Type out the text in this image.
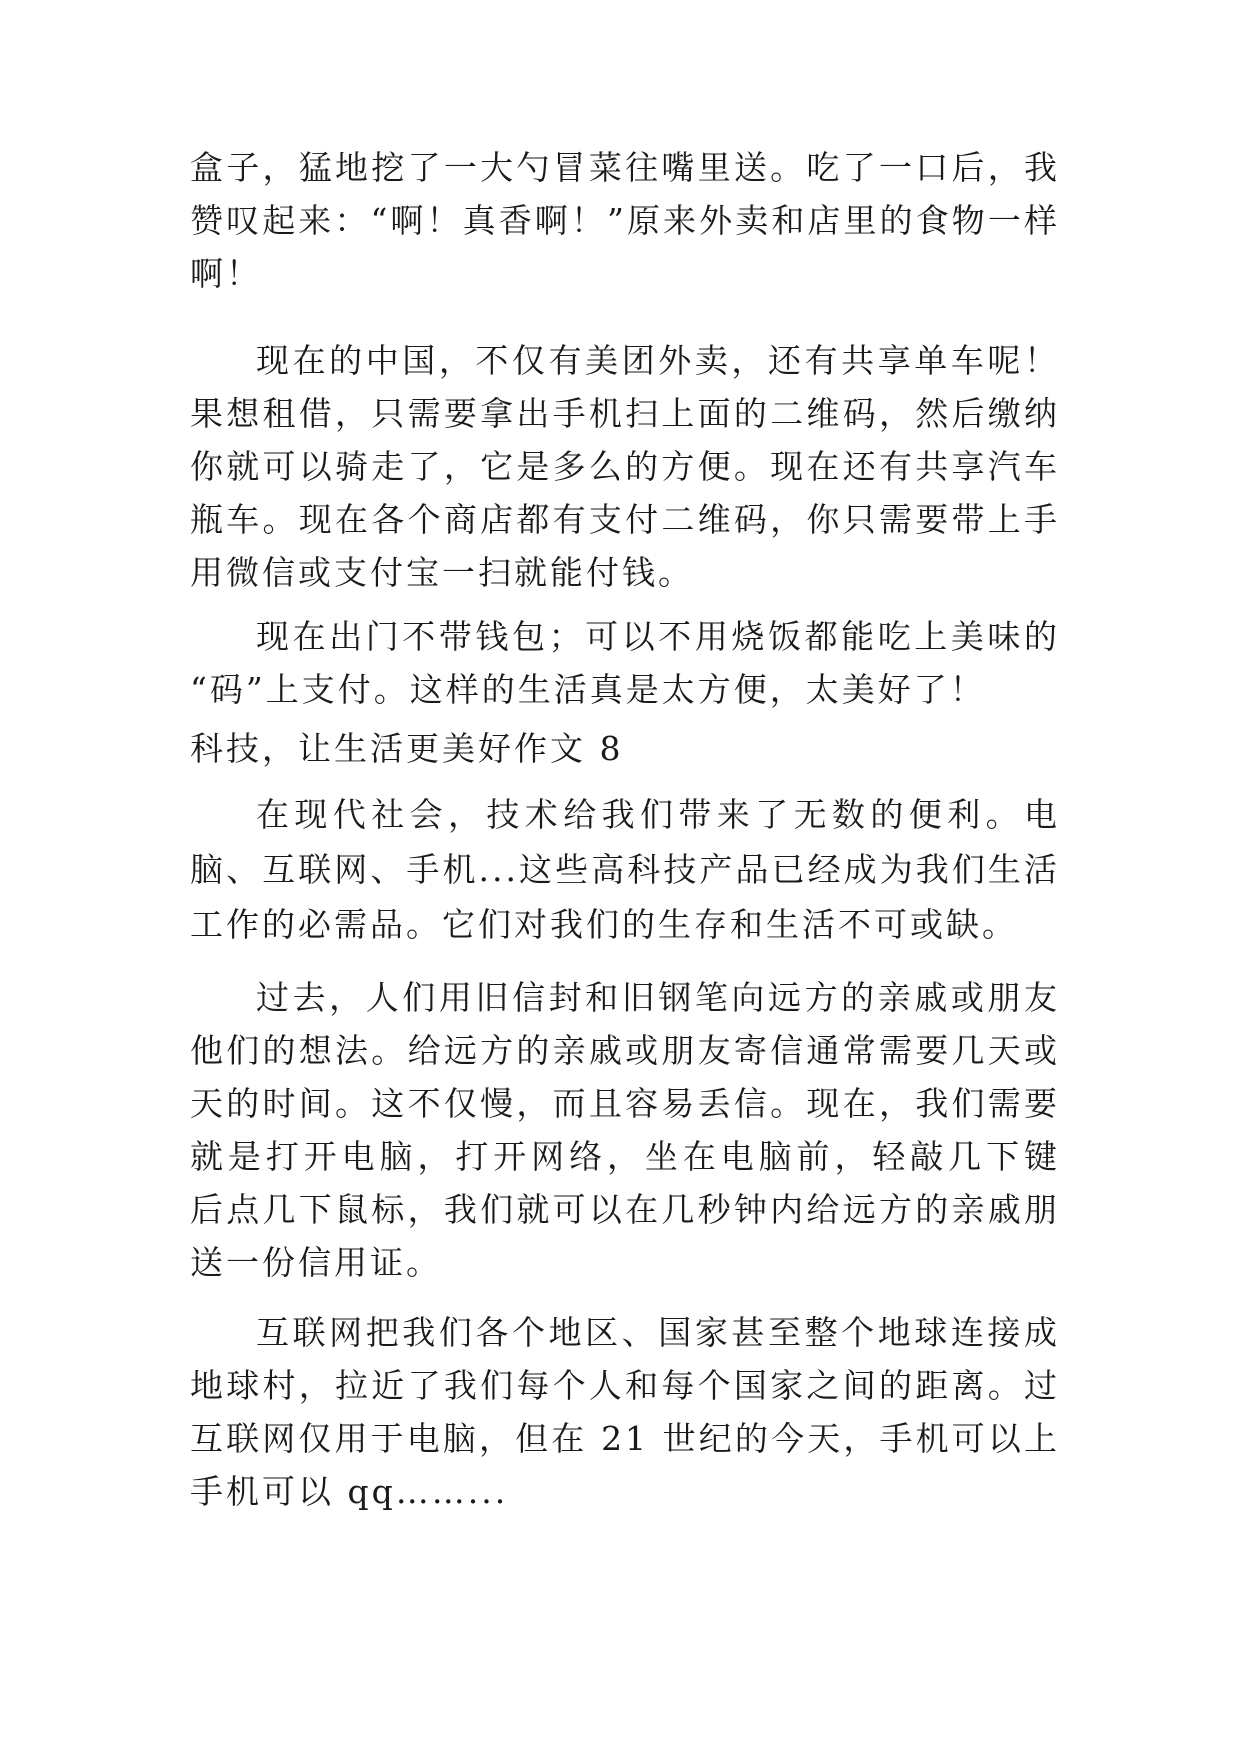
盒子，猛地挖了一大勺冒菜往嘴里送。吃了一口后，我
赞叹起来：“啊！真香啊！”原来外卖和店里的食物一样
啊！
现在的中国，不仅有美团外卖，还有共享单车呢！
果想租借，只需要拿出手机扫上面的二维码，然后缴纳
你就可以骑走了，它是多么的方便。现在还有共享汽车
瓶车。现在各个商店都有支付二维码，你只需要带上手
用微信或支付宝一扫就能付钱。
现在出门不带钱包；可以不用烧饭都能吃上美味的
“码”上支付。这样的生活真是太方便，太美好了！
科技，让生活更美好作文 8
在现代社会，技术给我们带来了无数的便利。电
脑、互联网、手机...这些高科技产品已经成为我们生活
工作的必需品。它们对我们的生存和生活不可或缺。
过去，人们用旧信封和旧钢笔向远方的亲戚或朋友
他们的想法。给远方的亲戚或朋友寄信通常需要几天或
天的时间。这不仅慢，而且容易丢信。现在，我们需要
就是打开电脑，打开网络，坐在电脑前，轻敲几下键
后点几下鼠标，我们就可以在几秒钟内给远方的亲戚朋
送一份信用证。
互联网把我们各个地区、国家甚至整个地球连接成
地球村，拉近了我们每个人和每个国家之间的距离。过
互联网仅用于电脑，但在 21 世纪的今天，手机可以上
手机可以 qq……...
